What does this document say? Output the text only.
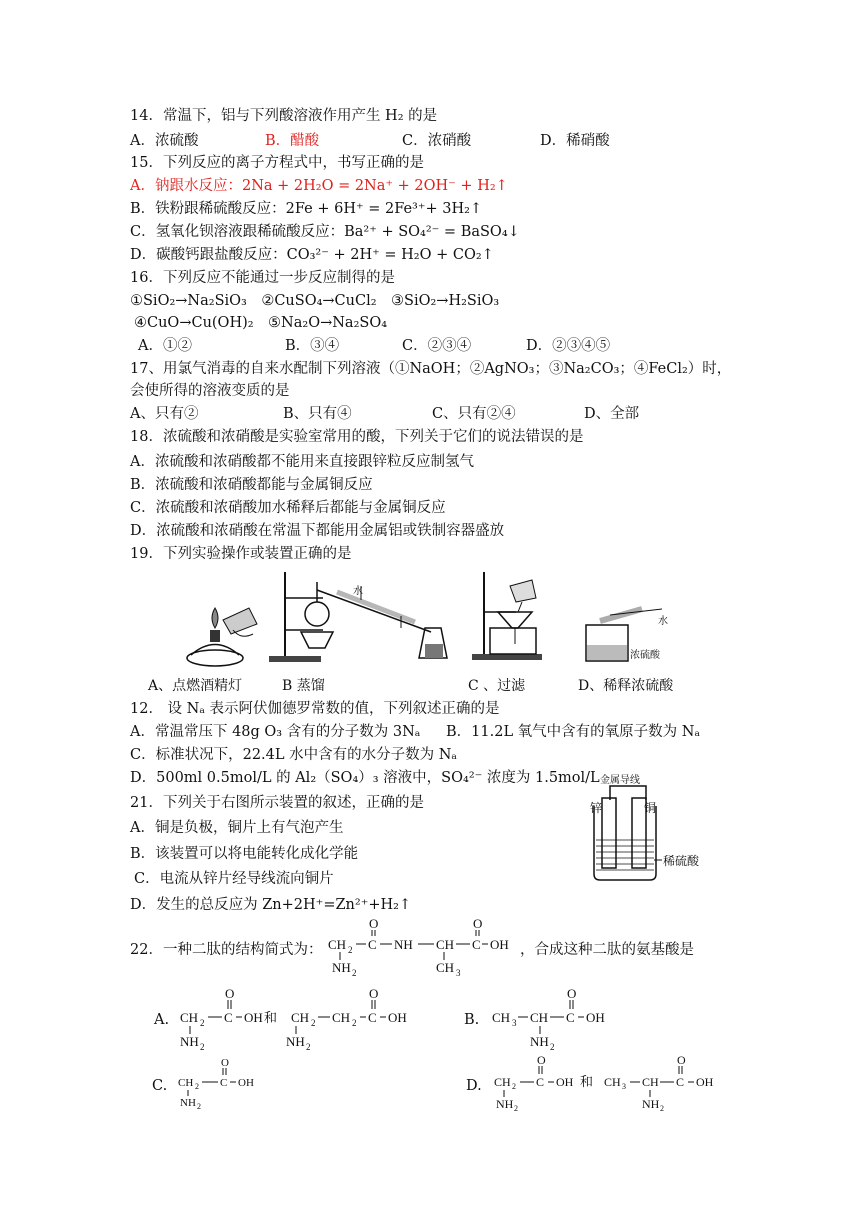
14．常温下，铝与下列酸溶液作用产生 H₂ 的是
A．浓硫酸	B．醋酸	C．浓硝酸	D．稀硝酸
15．下列反应的离子方程式中，书写正确的是
A．钠跟水反应：2Na + 2H₂O = 2Na⁺ + 2OH⁻ + H₂↑
B．铁粉跟稀硫酸反应：2Fe + 6H⁺ = 2Fe³⁺+ 3H₂↑
C．氢氧化钡溶液跟稀硫酸反应：Ba²⁺ + SO₄²⁻ = BaSO₄↓
D．碳酸钙跟盐酸反应：CO₃²⁻ + 2H⁺ = H₂O + CO₂↑
16．下列反应不能通过一步反应制得的是
①SiO₂→Na₂SiO₃　②CuSO₄→CuCl₂　③SiO₂→H₂SiO₃
④CuO→Cu(OH)₂　⑤Na₂O→Na₂SO₄
A．①②	B．③④	C．②③④	D．②③④⑤
17、用氯气消毒的自来水配制下列溶液（①NaOH；②AgNO₃；③Na₂CO₃；④FeCl₂）时，
会使所得的溶液变质的是
A、只有②	B、只有④	C、只有②④	D、全部
18．浓硫酸和浓硝酸是实验室常用的酸，下列关于它们的说法错误的是
A．浓硫酸和浓硝酸都不能用来直接跟锌粒反应制氢气
B．浓硫酸和浓硝酸都能与金属铜反应
C．浓硫酸和浓硝酸加水稀释后都能与金属铜反应
D．浓硫酸和浓硝酸在常温下都能用金属铝或铁制容器盛放
19．下列实验操作或装置正确的是
水
水
浓硫酸
A、点燃酒精灯	B 蒸馏	C 、过滤	D、稀释浓硫酸
12． 设 Nₐ 表示阿伏伽德罗常数的值，下列叙述正确的是
A．常温常压下 48g O₃ 含有的分子数为 3Nₐ B．11.2L 氧气中含有的氧原子数为 Nₐ
C．标准状况下，22.4L 水中含有的水分子数为 Nₐ
D．500ml 0.5mol/L 的 Al₂（SO₄）₃ 溶液中，SO₄²⁻ 浓度为 1.5mol/L
21．下列关于右图所示装置的叙述，正确的是
A．铜是负极，铜片上有气泡产生
B．该装置可以将电能转化成化学能
C．电流从锌片经导线流向铜片
D．发生的总反应为 Zn+2H⁺=Zn²⁺+H₂↑
金属导线
锌	铜
稀硫酸
22．一种二肽的结构简式为：	，合成这种二肽的氨基酸是
CH 2 C NH CH C OH
NH 2	CH 3
O	O
A. CH 2 C OH CH 2 CH 2 C OH
NH 2	NH 2
O	O
和	B. CH 3 CH C OH
NH 2
O
C. CH 2 C OH
NH 2
O
D. CH 2 C OH	CH 3 CH C OH
NH 2	NH 2
O	O
和
